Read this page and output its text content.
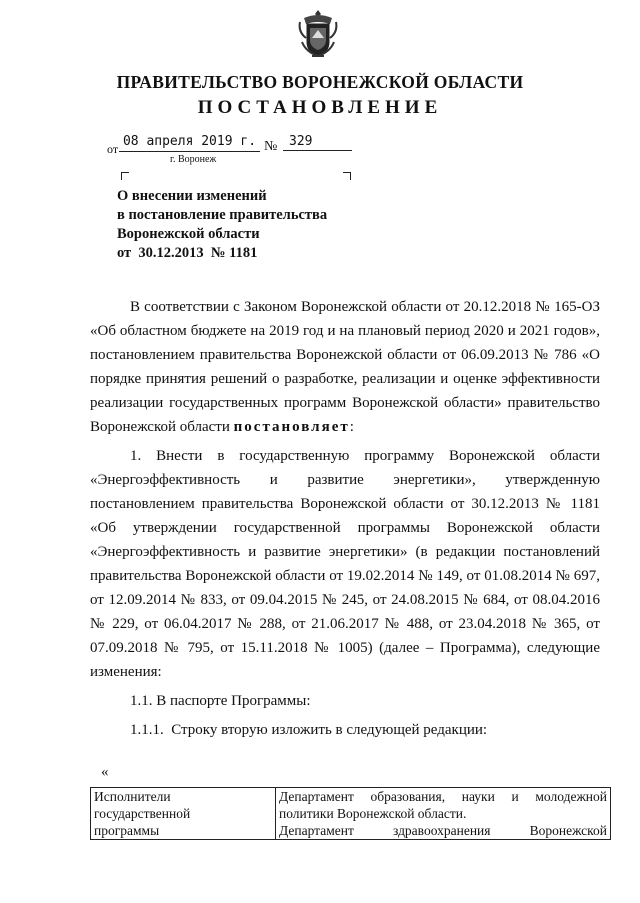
ПРАВИТЕЛЬСТВО ВОРОНЕЖСКОЙ ОБЛАСТИ
ПОСТАНОВЛЕНИЕ
от 08 апреля 2019 г. № 329
г. Воронеж
О внесении изменений
в постановление правительства
Воронежской области
от  30.12.2013  № 1181

В соответствии с Законом Воронежской области от 20.12.2018 № 165-ОЗ «Об областном бюджете на 2019 год и на плановый период 2020 и 2021 годов», постановлением правительства Воронежской области от 06.09.2013 № 786 «О порядке принятия решений о разработке, реализации и оценке эффективности реализации государственных программ Воронежской области» правительство Воронежской области постановляет:

1. Внести в государственную программу Воронежской области «Энергоэффективность и развитие энергетики», утвержденную постановлением правительства Воронежской области от 30.12.2013 № 1181 «Об утверждении государственной программы Воронежской области «Энергоэффективность и развитие энергетики» (в редакции постановлений правительства Воронежской области от 19.02.2014 № 149, от 01.08.2014 № 697, от 12.09.2014 № 833, от 09.04.2015 № 245, от 24.08.2015 № 684, от 08.04.2016 № 229, от 06.04.2017 № 288, от 21.06.2017 № 488, от 23.04.2018 № 365, от 07.09.2018 № 795, от 15.11.2018 № 1005) (далее – Программа), следующие изменения:

1.1. В паспорте Программы:

1.1.1.  Строку вторую изложить в следующей редакции:

«
Исполнители
государственной
программы

Департамент образования, науки и молодежной политики Воронежской области.
Департамент здравоохранения Воронежской
